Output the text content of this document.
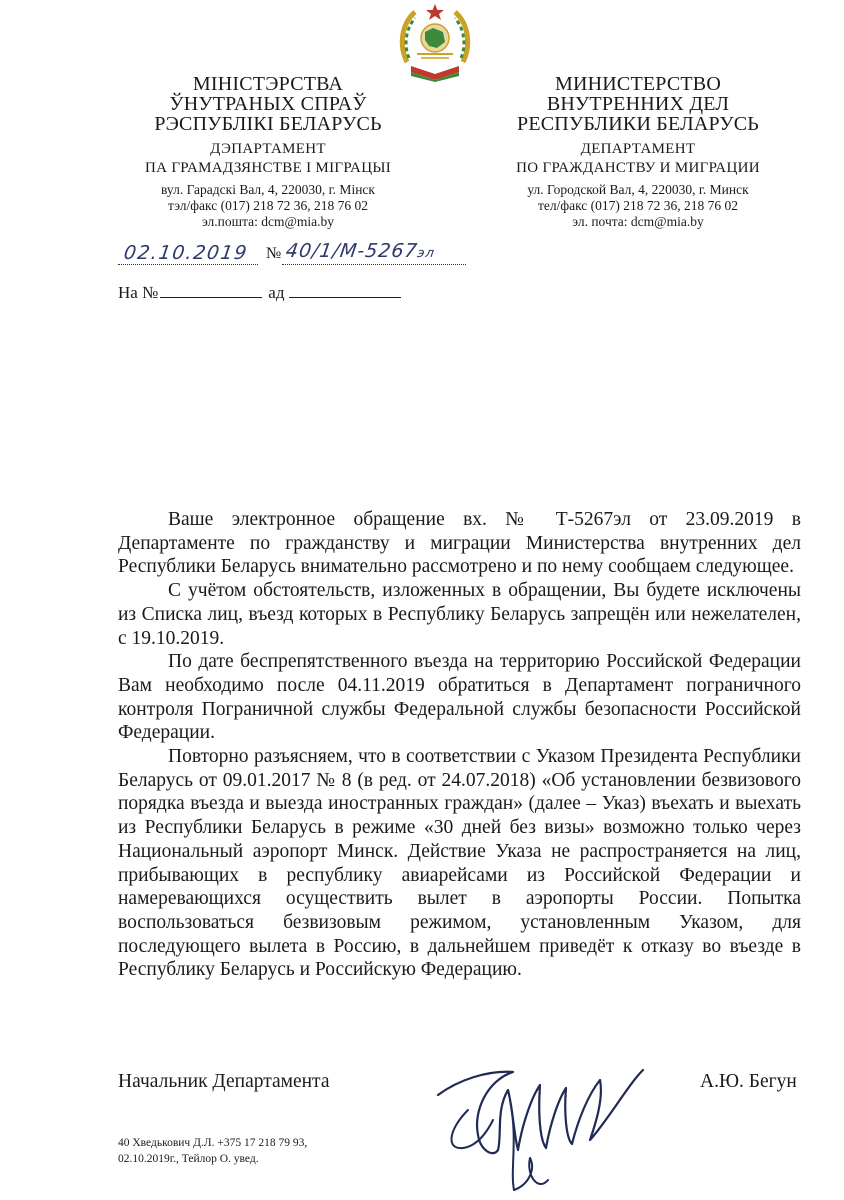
МІНІСТЭРСТВА
ЎНУТРАНЫХ СПРАЎ
РЭСПУБЛІКІ БЕЛАРУСЬ
ДЭПАРТАМЕНТ
ПА ГРАМАДЗЯНСТВЕ І МІГРАЦЫІ
вул. Гарадскі Вал, 4, 220030, г. Мінск
тэл/факс (017) 218 72 36, 218 76 02
эл.пошта: dcm@mia.by
МИНИСТЕРСТВО
ВНУТРЕННИХ ДЕЛ
РЕСПУБЛИКИ БЕЛАРУСЬ
ДЕПАРТАМЕНТ
ПО ГРАЖДАНСТВУ И МИГРАЦИИ
ул. Городской Вал, 4, 220030, г. Минск
тел/факс (017) 218 72 36, 218 76 02
эл. почта: dcm@mia.by
02.10.2019 № 40/1/М-5267эл
На №	ад

Ваше электронное обращение вх. № Т-5267эл от 23.09.2019 в Департаменте по гражданству и миграции Министерства внутренних дел Республики Беларусь внимательно рассмотрено и по нему сообщаем следующее.

С учётом обстоятельств, изложенных в обращении, Вы будете исключены из Списка лиц, въезд которых в Республику Беларусь запрещён или нежелателен, с 19.10.2019.

По дате беспрепятственного въезда на территорию Российской Федерации Вам необходимо после 04.11.2019 обратиться в Департамент пограничного контроля Пограничной службы Федеральной службы безопасности Российской Федерации.

Повторно разъясняем, что в соответствии с Указом Президента Республики Беларусь от 09.01.2017 № 8 (в ред. от 24.07.2018) «Об установлении безвизового порядка въезда и выезда иностранных граждан» (далее – Указ) въехать и выехать из Республики Беларусь в режиме «30 дней без визы» возможно только через Национальный аэропорт Минск. Действие Указа не распространяется на лиц, прибывающих в республику авиарейсами из Российской Федерации и намеревающихся осуществить вылет в аэропорты России. Попытка воспользоваться безвизовым режимом, установленным Указом, для последующего вылета в Россию, в дальнейшем приведёт к отказу во въезде в Республику Беларусь и Российскую Федерацию.

Начальник Департамента	А.Ю. Бегун
40 Хведькович Д.Л. +375 17 218 79 93,
02.10.2019г., Тейлор О. увед.
